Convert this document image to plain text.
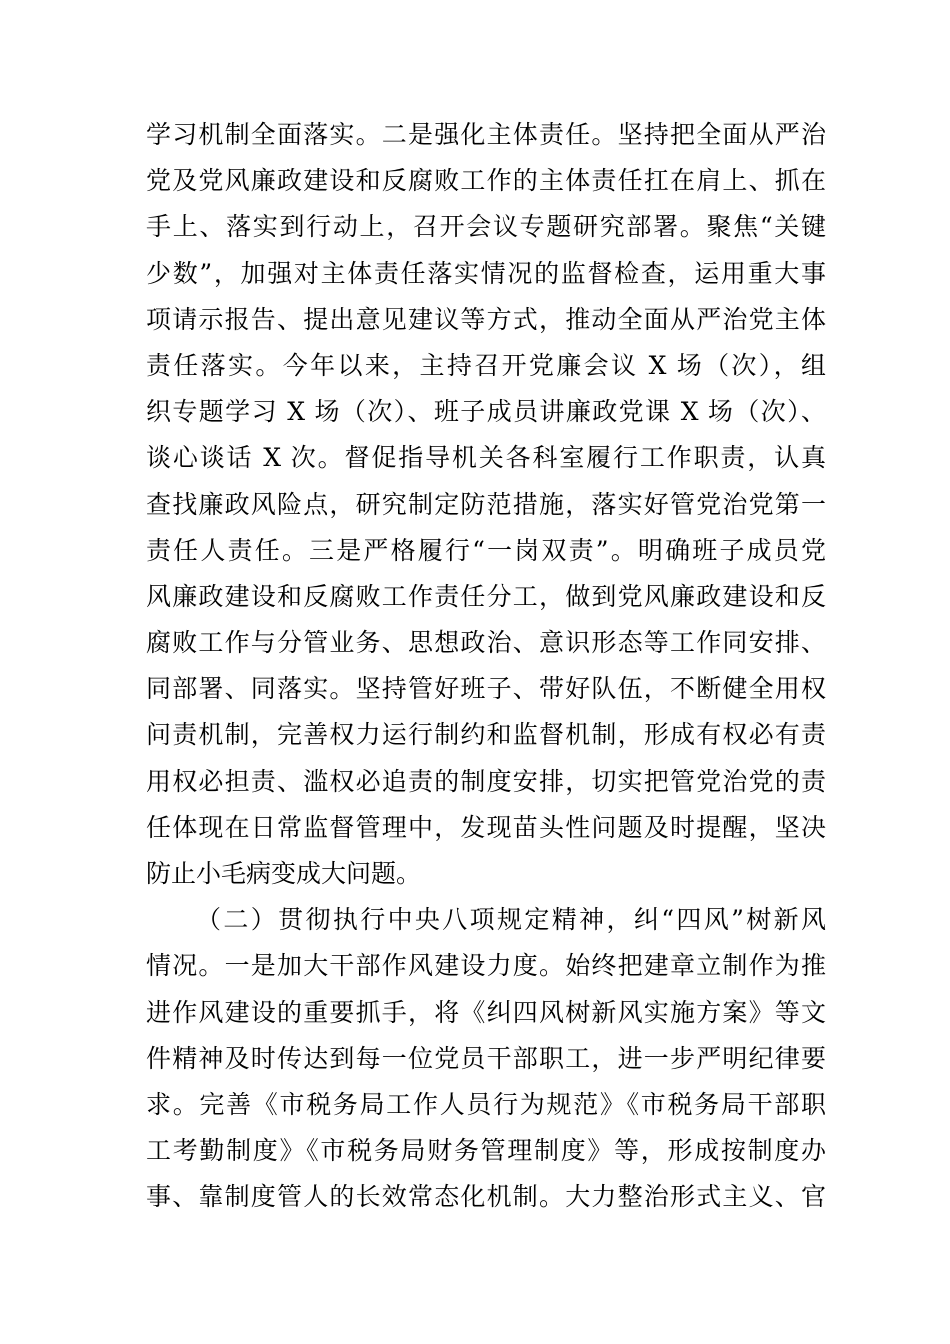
学习机制全面落实。二是强化主体责任。坚持把全面从严治
党及党风廉政建设和反腐败工作的主体责任扛在肩上、抓在
手上、落实到行动上，召开会议专题研究部署。聚焦“关键
少数”，加强对主体责任落实情况的监督检查，运用重大事
项请示报告、提出意见建议等方式，推动全面从严治党主体
责任落实。今年以来，主持召开党廉会议 X 场（次），组
织专题学习 X 场（次）、班子成员讲廉政党课 X 场（次）、
谈心谈话 X 次。督促指导机关各科室履行工作职责，认真
查找廉政风险点，研究制定防范措施，落实好管党治党第一
责任人责任。三是严格履行“一岗双责”。明确班子成员党
风廉政建设和反腐败工作责任分工，做到党风廉政建设和反
腐败工作与分管业务、思想政治、意识形态等工作同安排、
同部署、同落实。坚持管好班子、带好队伍，不断健全用权
问责机制，完善权力运行制约和监督机制，形成有权必有责
用权必担责、滥权必追责的制度安排，切实把管党治党的责
任体现在日常监督管理中，发现苗头性问题及时提醒，坚决
防止小毛病变成大问题。
（二）贯彻执行中央八项规定精神，纠“四风”树新风
情况。一是加大干部作风建设力度。始终把建章立制作为推
进作风建设的重要抓手，将《纠四风树新风实施方案》等文
件精神及时传达到每一位党员干部职工，进一步严明纪律要
求。完善《市税务局工作人员行为规范》《市税务局干部职
工考勤制度》《市税务局财务管理制度》等，形成按制度办
事、靠制度管人的长效常态化机制。大力整治形式主义、官
